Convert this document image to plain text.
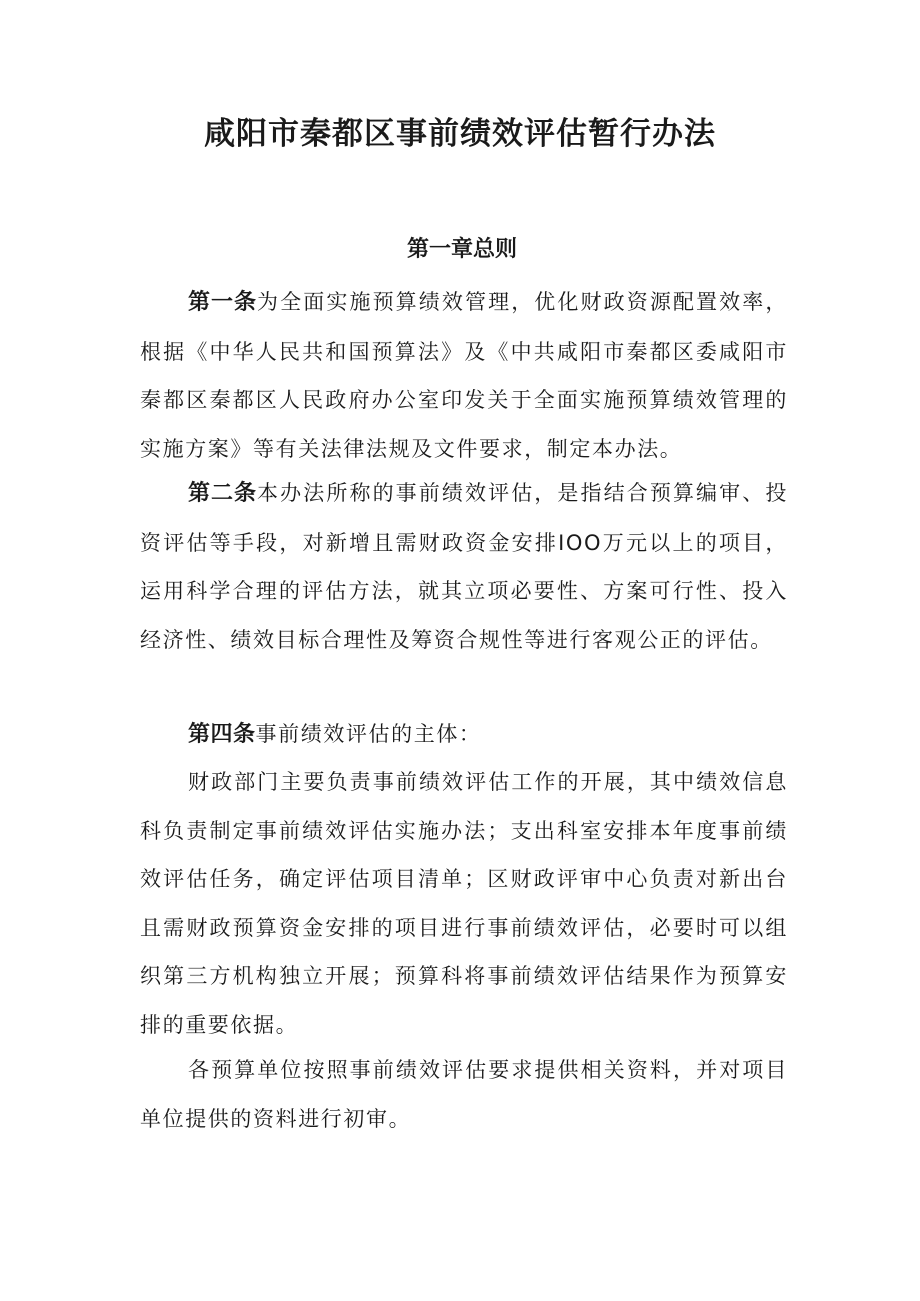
咸阳市秦都区事前绩效评估暂行办法
第一章总则

第一条为全面实施预算绩效管理，优化财政资源配置效率，根据《中华人民共和国预算法》及《中共咸阳市秦都区委咸阳市秦都区秦都区人民政府办公室印发关于全面实施预算绩效管理的实施方案》等有关法律法规及文件要求，制定本办法。

第二条本办法所称的事前绩效评估，是指结合预算编审、投资评估等手段，对新增且需财政资金安排IOO万元以上的项目，运用科学合理的评估方法，就其立项必要性、方案可行性、投入经济性、绩效目标合理性及筹资合规性等进行客观公正的评估。

第四条事前绩效评估的主体：

财政部门主要负责事前绩效评估工作的开展，其中绩效信息科负责制定事前绩效评估实施办法；支出科室安排本年度事前绩效评估任务，确定评估项目清单；区财政评审中心负责对新出台且需财政预算资金安排的项目进行事前绩效评估，必要时可以组织第三方机构独立开展；预算科将事前绩效评估结果作为预算安排的重要依据。

各预算单位按照事前绩效评估要求提供相关资料，并对项目单位提供的资料进行初审。
